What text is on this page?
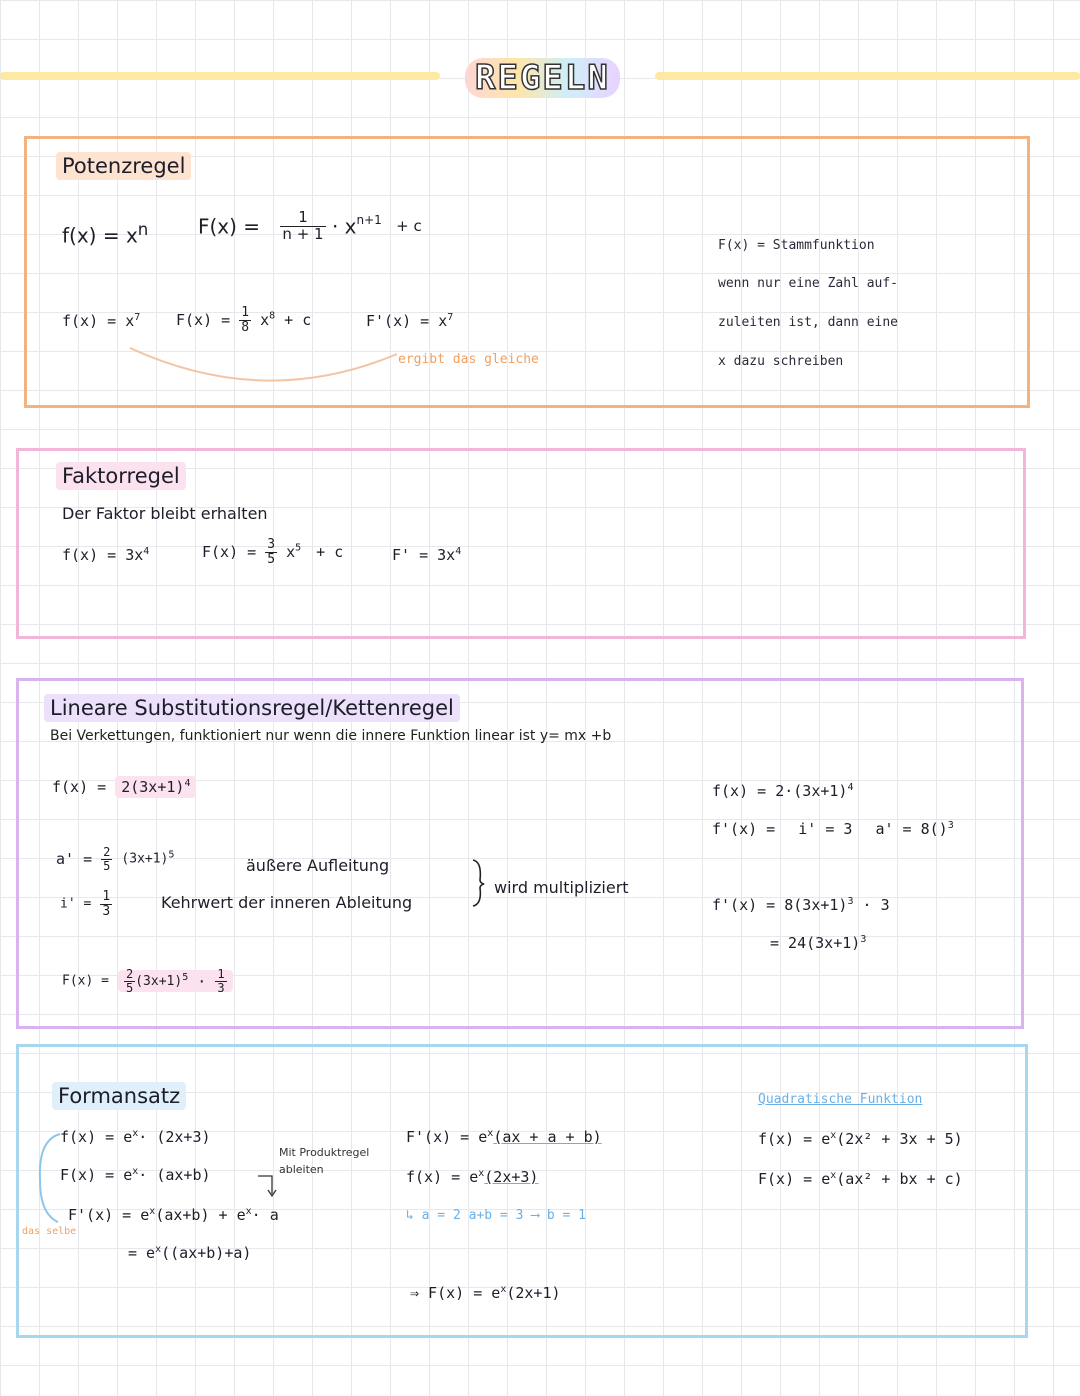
REGELN
Potenzregel
$f(x) = x^n$ $F(x) = \frac{1}{n + 1} \cdot x^{n+1} + c$
$f(x) = x^7$ $F(x) = \frac{1}{8} x^8 + c$	$F'(x) = x^7$
ergibt das gleiche
F(x) = Stammfunktion
wenn nur eine Zahl auf-
zuleiten ist, dann eine
x dazu schreiben
Faktorregel
Der Faktor bleibt erhalten
$f(x) = 3x^4$	$F(x) = \frac{3}{5} x^5 + c$	$F' = 3x^4$
Lineare Substitutionsregel/Kettenregel
Bei Verkettungen, funktioniert nur wenn die innere Funktion linear ist y= mx +b
$f(x) = 2(3x+1)^4$
$a' = \frac{2}{5} (3x+1)^5$
äußere Aufleitung
$i' = \frac{1}{3}$	Kehrwert der inneren Ableitung
wird multipliziert
$F(x) = \frac{2}{5} (3x+1)^5 \cdot \frac{1}{3}$
$f(x) = 2\cdot(3x+1)^4$
f'(x) = i' = 3 a' = 8()$^3$
$f'(x) = 8(3x+1)^3 \cdot 3$
= $24(3x+1)^3$
Formansatz
das selbe
$f(x) = e^x\cdot (2x+3)$
$F(x) = e^x\cdot (ax+b)$
Mit Produktregel
ableiten
$F'(x) = e^x(ax+b) + e^x\cdot a$
= $e^x((ax+b)+a)$
$F'(x) = e^x(ax + a + b)$
$f(x) = e^x(2x+3)$
↳ a = 2 a+b = 3 ⟶ b = 1
⇒ $F(x) = e^x(2x+1)$
Quadratische Funktion
$f(x) = e^x(2x^2 + 3x + 5)$
$F(x) = e^x(ax^2$ + bx + c)
